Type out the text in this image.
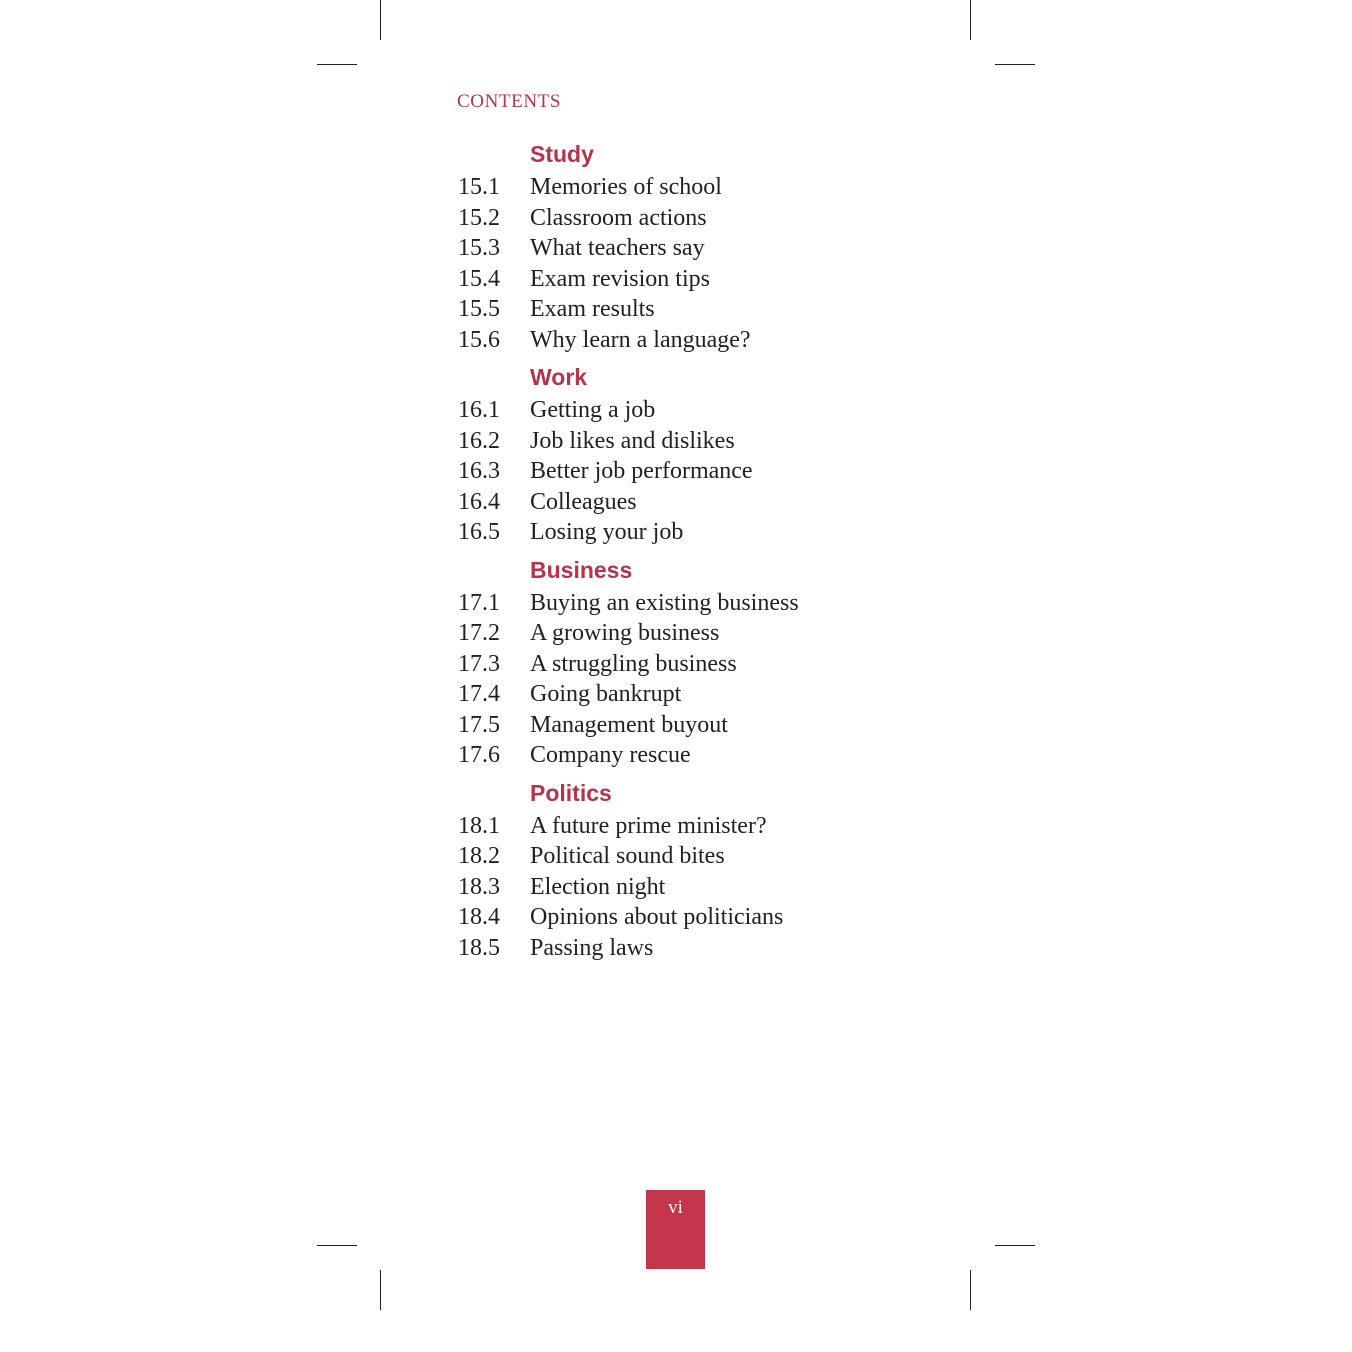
CONTENTS
Study
15.1	Memories of school
15.2	Classroom actions
15.3	What teachers say
15.4	Exam revision tips
15.5	Exam results
15.6	Why learn a language?
Work
16.1	Getting a job
16.2	Job likes and dislikes
16.3	Better job performance
16.4	Colleagues
16.5	Losing your job
Business
17.1	Buying an existing business
17.2	A growing business
17.3	A struggling business
17.4	Going bankrupt
17.5	Management buyout
17.6	Company rescue
Politics
18.1	A future prime minister?
18.2	Political sound bites
18.3	Election night
18.4	Opinions about politicians
18.5	Passing laws
vi
